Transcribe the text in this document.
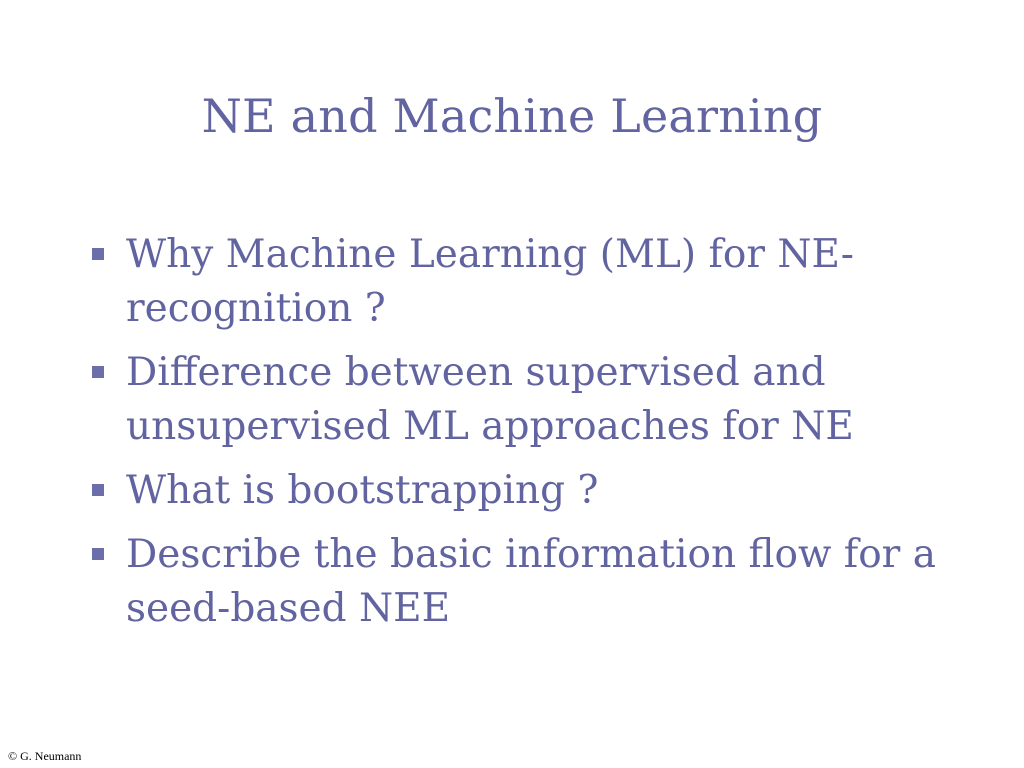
NE and Machine Learning
Why Machine Learning (ML) for NE-recognition ?
Difference between supervised and unsupervised ML approaches for NE
What is bootstrapping ?
Describe the basic information flow for a seed-based NEE
© G. Neumann
